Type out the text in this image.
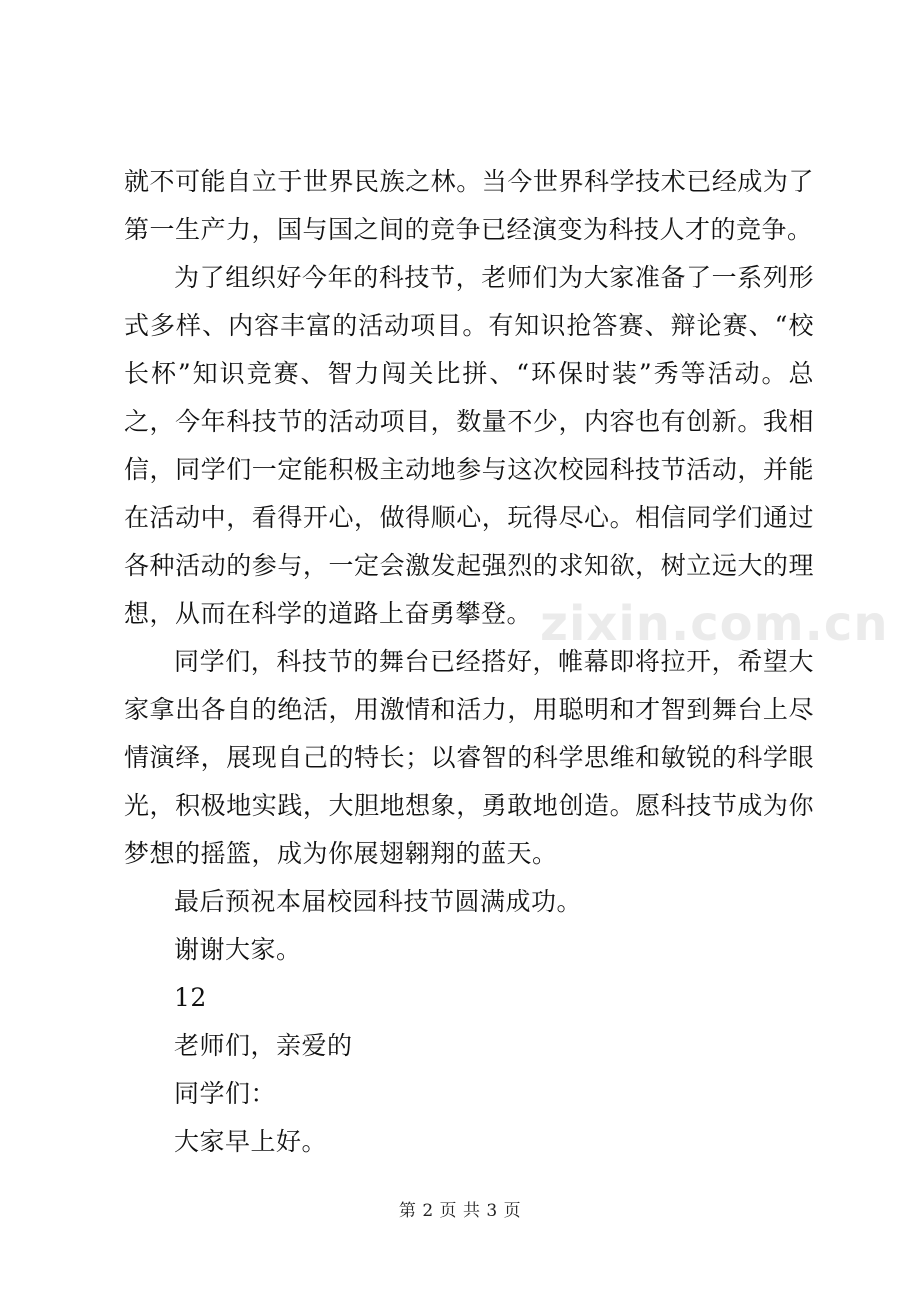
就不可能自立于世界民族之林。当今世界科学技术已经成为了第一生产力，国与国之间的竞争已经演变为科技人才的竞争。

为了组织好今年的科技节，老师们为大家准备了一系列形式多样、内容丰富的活动项目。有知识抢答赛、辩论赛、“校长杯”知识竞赛、智力闯关比拼、“环保时装”秀等活动。总之，今年科技节的活动项目，数量不少，内容也有创新。我相信，同学们一定能积极主动地参与这次校园科技节活动，并能在活动中，看得开心，做得顺心，玩得尽心。相信同学们通过各种活动的参与，一定会激发起强烈的求知欲，树立远大的理想，从而在科学的道路上奋勇攀登。

同学们，科技节的舞台已经搭好，帷幕即将拉开，希望大家拿出各自的绝活，用激情和活力，用聪明和才智到舞台上尽情演绎，展现自己的特长；以睿智的科学思维和敏锐的科学眼光，积极地实践，大胆地想象，勇敢地创造。愿科技节成为你梦想的摇篮，成为你展翅翱翔的蓝天。

最后预祝本届校园科技节圆满成功。

谢谢大家。

12

老师们，亲爱的

同学们：

大家早上好。

zixin.com.cn
第 2 页 共 3 页
